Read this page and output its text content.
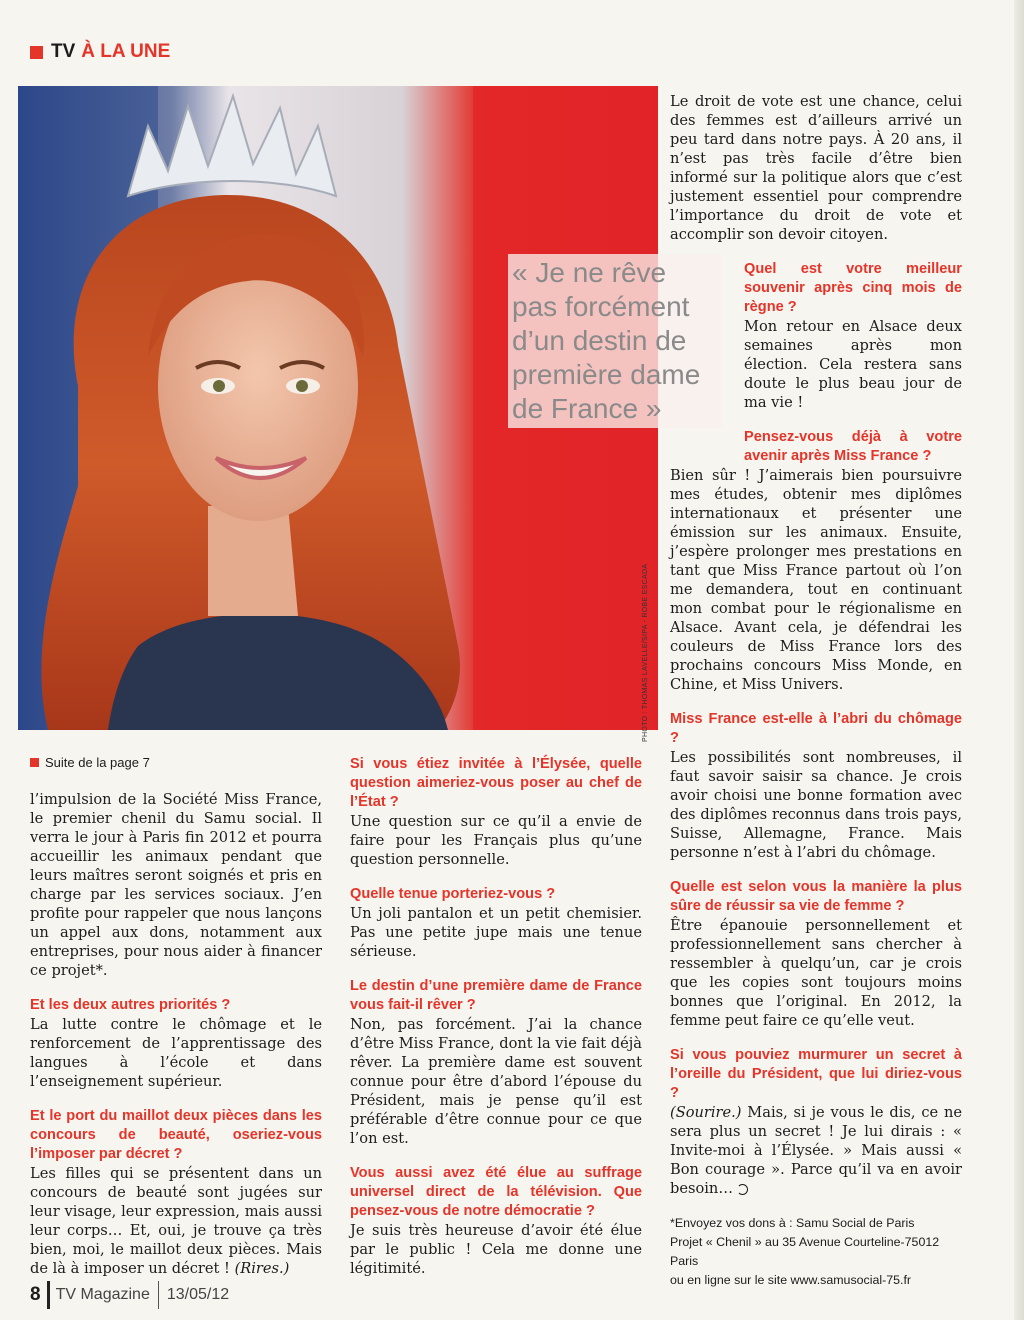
TV À LA UNE
PHOTO : THOMAS LAVELLE/SIPA - ROBE ESCADA
« Je ne rêve
pas forcément
d’un destin de
première dame
de France »
Suite de la page 7

l’impulsion de la Société Miss France, le premier chenil du Samu social. Il verra le jour à Paris fin 2012 et pourra accueillir les animaux pendant que leurs maîtres seront soignés et pris en charge par les services sociaux. J’en profite pour rappeler que nous lançons un appel aux dons, notamment aux entreprises, pour nous aider à financer ce projet*.

Et les deux autres priorités ?

La lutte contre le chômage et le renforcement de l’apprentissage des langues à l’école et dans l’enseignement supérieur.

Et le port du maillot deux pièces dans les concours de beauté, oseriez-vous l’imposer par décret ?

Les filles qui se présentent dans un concours de beauté sont jugées sur leur visage, leur expression, mais aussi leur corps… Et, oui, je trouve ça très bien, moi, le maillot deux pièces. Mais de là à imposer un décret ! (Rires.)

Si vous étiez invitée à l’Élysée, quelle question aimeriez-vous poser au chef de l’État ?

Une question sur ce qu’il a envie de faire pour les Français plus qu’une question personnelle.

Quelle tenue porteriez-vous ?

Un joli pantalon et un petit chemisier. Pas une petite jupe mais une tenue sérieuse.

Le destin d’une première dame de France vous fait-il rêver ?

Non, pas forcément. J’ai la chance d’être Miss France, dont la vie fait déjà rêver. La première dame est souvent connue pour être d’abord l’épouse du Président, mais je pense qu’il est préférable d’être connue pour ce que l’on est.

Vous aussi avez été élue au suffrage universel direct de la télévision. Que pensez-vous de notre démocratie ?

Je suis très heureuse d’avoir été élue par le public ! Cela me donne une légitimité.

Le droit de vote est une chance, celui des femmes est d’ailleurs arrivé un peu tard dans notre pays. À 20 ans, il n’est pas très facile d’être bien informé sur la politique alors que c’est justement essentiel pour comprendre l’importance du droit de vote et accomplir son devoir citoyen.

Quel est votre meilleur souvenir après cinq mois de règne ?

Mon retour en Alsace deux semaines après mon élection. Cela restera sans doute le plus beau jour de ma vie !

Pensez-vous déjà à votre avenir après Miss France ?

Bien sûr ! J’aimerais bien poursuivre mes études, obtenir mes diplômes internationaux et présenter une émission sur les animaux. Ensuite, j’espère prolonger mes prestations en tant que Miss France partout où l’on me demandera, tout en continuant mon combat pour le régionalisme en Alsace. Avant cela, je défendrai les couleurs de Miss France lors des prochains concours Miss Monde, en Chine, et Miss Univers.

Miss France est-elle à l’abri du chômage ?

Les possibilités sont nombreuses, il faut savoir saisir sa chance. Je crois avoir choisi une bonne formation avec des diplômes reconnus dans trois pays, Suisse, Allemagne, France. Mais personne n’est à l’abri du chômage.

Quelle est selon vous la manière la plus sûre de réussir sa vie de femme ?

Être épanouie personnellement et professionnellement sans chercher à ressembler à quelqu’un, car je crois que les copies sont toujours moins bonnes que l’original. En 2012, la femme peut faire ce qu’elle veut.

Si vous pouviez murmurer un secret à l’oreille du Président, que lui diriez-vous ?

(Sourire.) Mais, si je vous le dis, ce ne sera plus un secret ! Je lui dirais : « Invite-moi à l’Élysée. » Mais aussi « Bon courage ». Parce qu’il va en avoir besoin…

*Envoyez vos dons à : Samu Social de Paris
Projet « Chenil » au 35 Avenue Courteline-75012 Paris
ou en ligne sur le site www.samusocial-75.fr
8 TV Magazine 13/05/12
